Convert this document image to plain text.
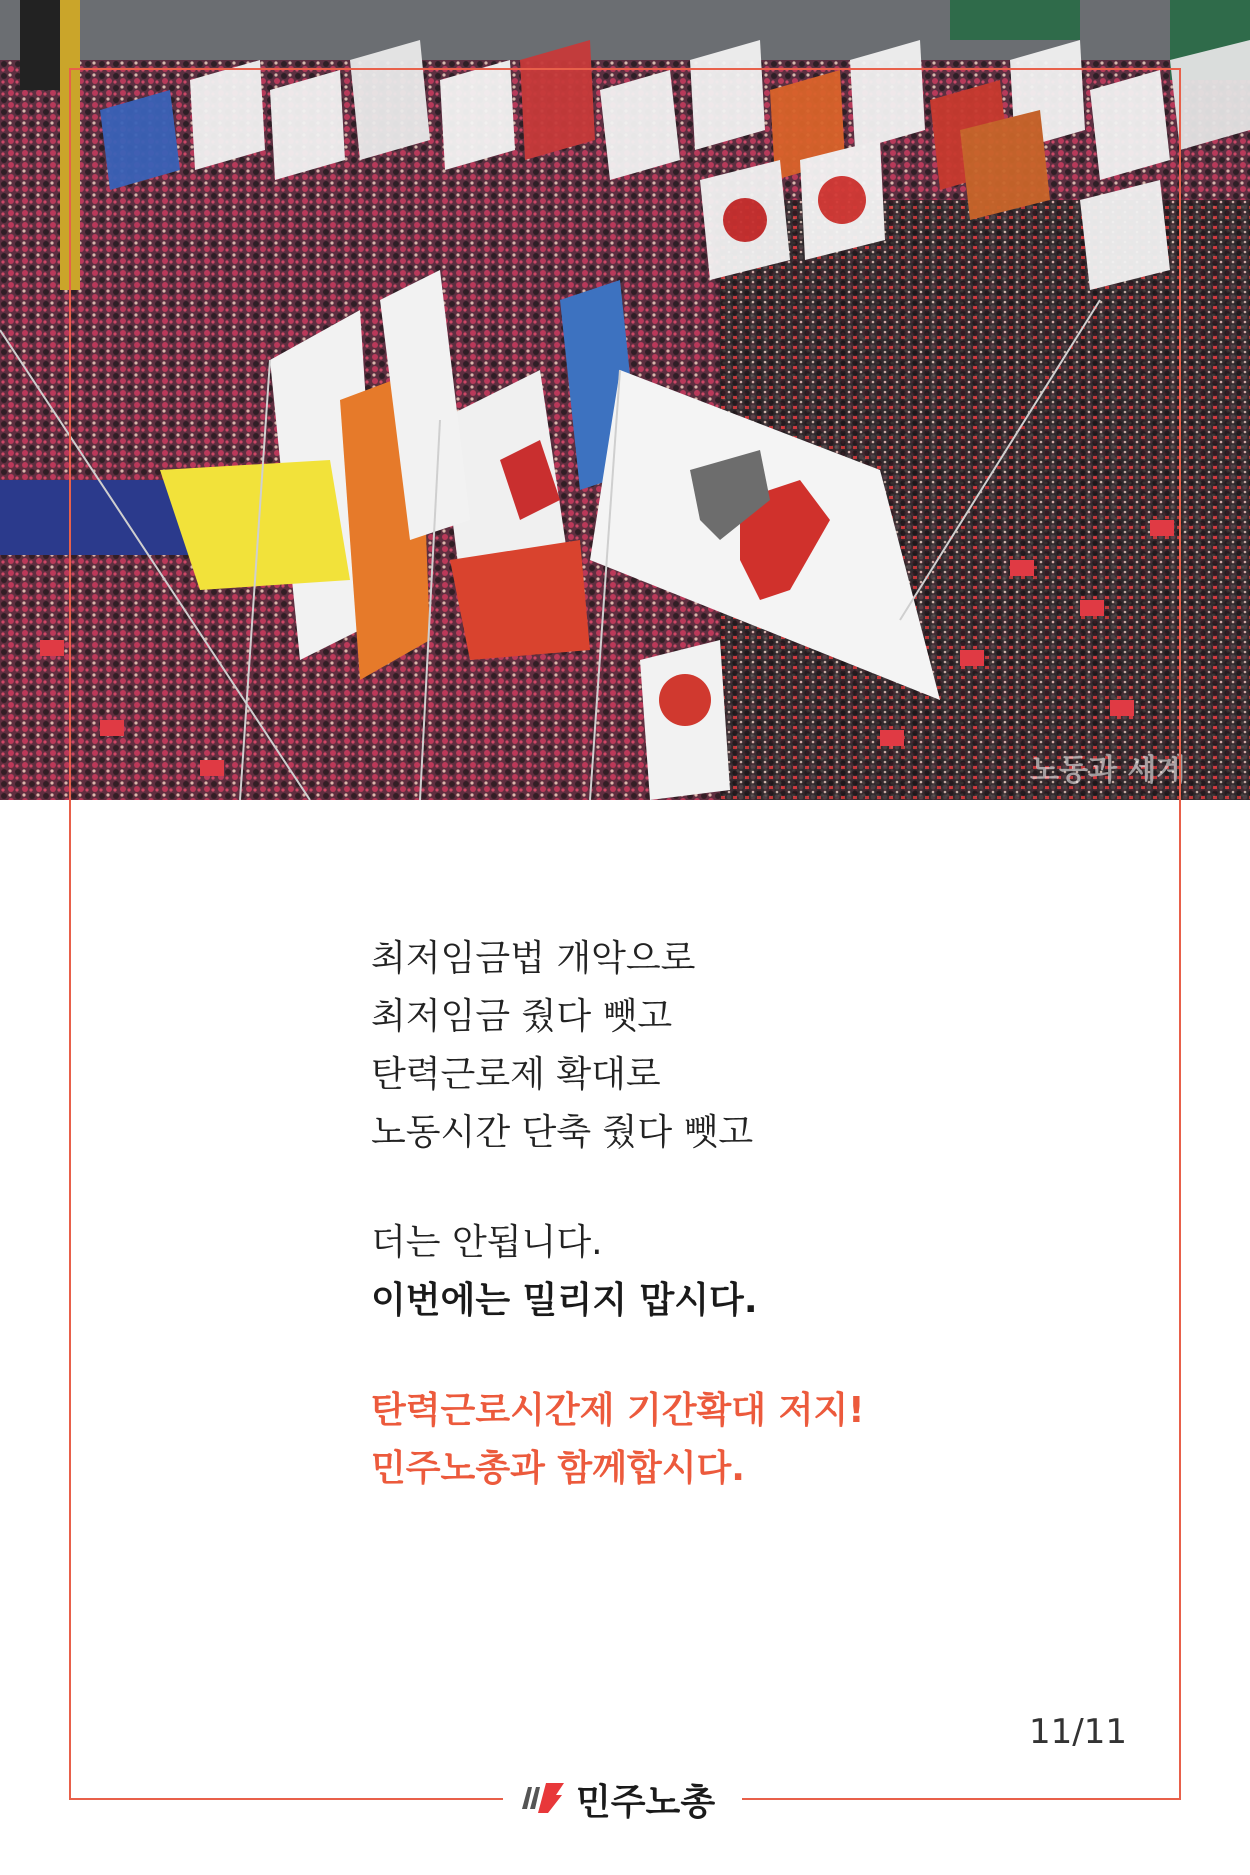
노동과 세계
최저임금법 개악으로
최저임금 줬다 뺏고
탄력근로제 확대로
노동시간 단축 줬다 뺏고
더는 안됩니다.
이번에는 밀리지 맙시다.
탄력근로시간제 기간확대 저지!
민주노총과 함께합시다.
11/11
민주노총
